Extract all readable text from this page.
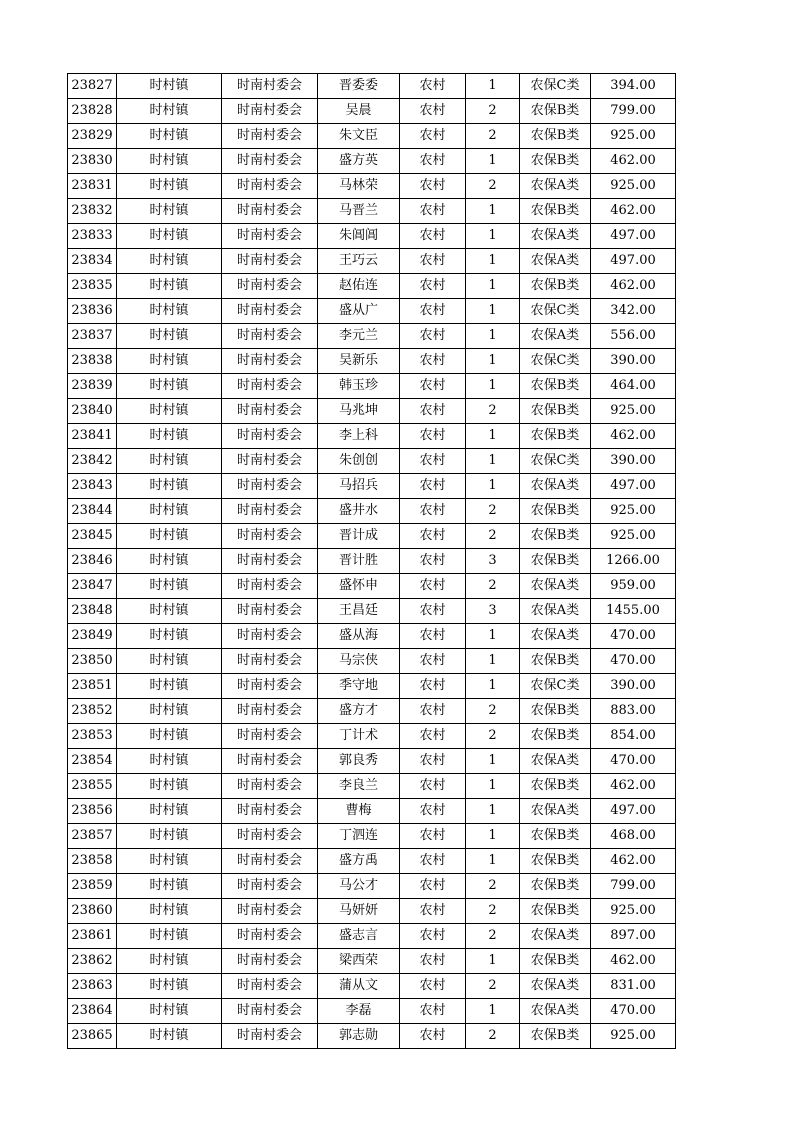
23827	时村镇	时南村委会	晋委委	农村	1	农保C类	394.00
23828	时村镇	时南村委会	吴晨	农村	2	农保B类	799.00
23829	时村镇	时南村委会	朱文臣	农村	2	农保B类	925.00
23830	时村镇	时南村委会	盛方英	农村	1	农保B类	462.00
23831	时村镇	时南村委会	马林荣	农村	2	农保A类	925.00
23832	时村镇	时南村委会	马晋兰	农村	1	农保B类	462.00
23833	时村镇	时南村委会	朱阊阊	农村	1	农保A类	497.00
23834	时村镇	时南村委会	王巧云	农村	1	农保A类	497.00
23835	时村镇	时南村委会	赵佑连	农村	1	农保B类	462.00
23836	时村镇	时南村委会	盛从广	农村	1	农保C类	342.00
23837	时村镇	时南村委会	李元兰	农村	1	农保A类	556.00
23838	时村镇	时南村委会	吴新乐	农村	1	农保C类	390.00
23839	时村镇	时南村委会	韩玉珍	农村	1	农保B类	464.00
23840	时村镇	时南村委会	马兆坤	农村	2	农保B类	925.00
23841	时村镇	时南村委会	李上科	农村	1	农保B类	462.00
23842	时村镇	时南村委会	朱创创	农村	1	农保C类	390.00
23843	时村镇	时南村委会	马招兵	农村	1	农保A类	497.00
23844	时村镇	时南村委会	盛井水	农村	2	农保B类	925.00
23845	时村镇	时南村委会	晋计成	农村	2	农保B类	925.00
23846	时村镇	时南村委会	晋计胜	农村	3	农保B类	1266.00
23847	时村镇	时南村委会	盛怀申	农村	2	农保A类	959.00
23848	时村镇	时南村委会	王昌廷	农村	3	农保A类	1455.00
23849	时村镇	时南村委会	盛从海	农村	1	农保A类	470.00
23850	时村镇	时南村委会	马宗侠	农村	1	农保B类	470.00
23851	时村镇	时南村委会	季守地	农村	1	农保C类	390.00
23852	时村镇	时南村委会	盛方才	农村	2	农保B类	883.00
23853	时村镇	时南村委会	丁计术	农村	2	农保B类	854.00
23854	时村镇	时南村委会	郭良秀	农村	1	农保A类	470.00
23855	时村镇	时南村委会	李良兰	农村	1	农保B类	462.00
23856	时村镇	时南村委会	曹梅	农村	1	农保A类	497.00
23857	时村镇	时南村委会	丁泗连	农村	1	农保B类	468.00
23858	时村镇	时南村委会	盛方禹	农村	1	农保B类	462.00
23859	时村镇	时南村委会	马公才	农村	2	农保B类	799.00
23860	时村镇	时南村委会	马妍妍	农村	2	农保B类	925.00
23861	时村镇	时南村委会	盛志言	农村	2	农保A类	897.00
23862	时村镇	时南村委会	梁西荣	农村	1	农保B类	462.00
23863	时村镇	时南村委会	蒲从文	农村	2	农保A类	831.00
23864	时村镇	时南村委会	李磊	农村	1	农保A类	470.00
23865	时村镇	时南村委会	郭志勋	农村	2	农保B类	925.00
